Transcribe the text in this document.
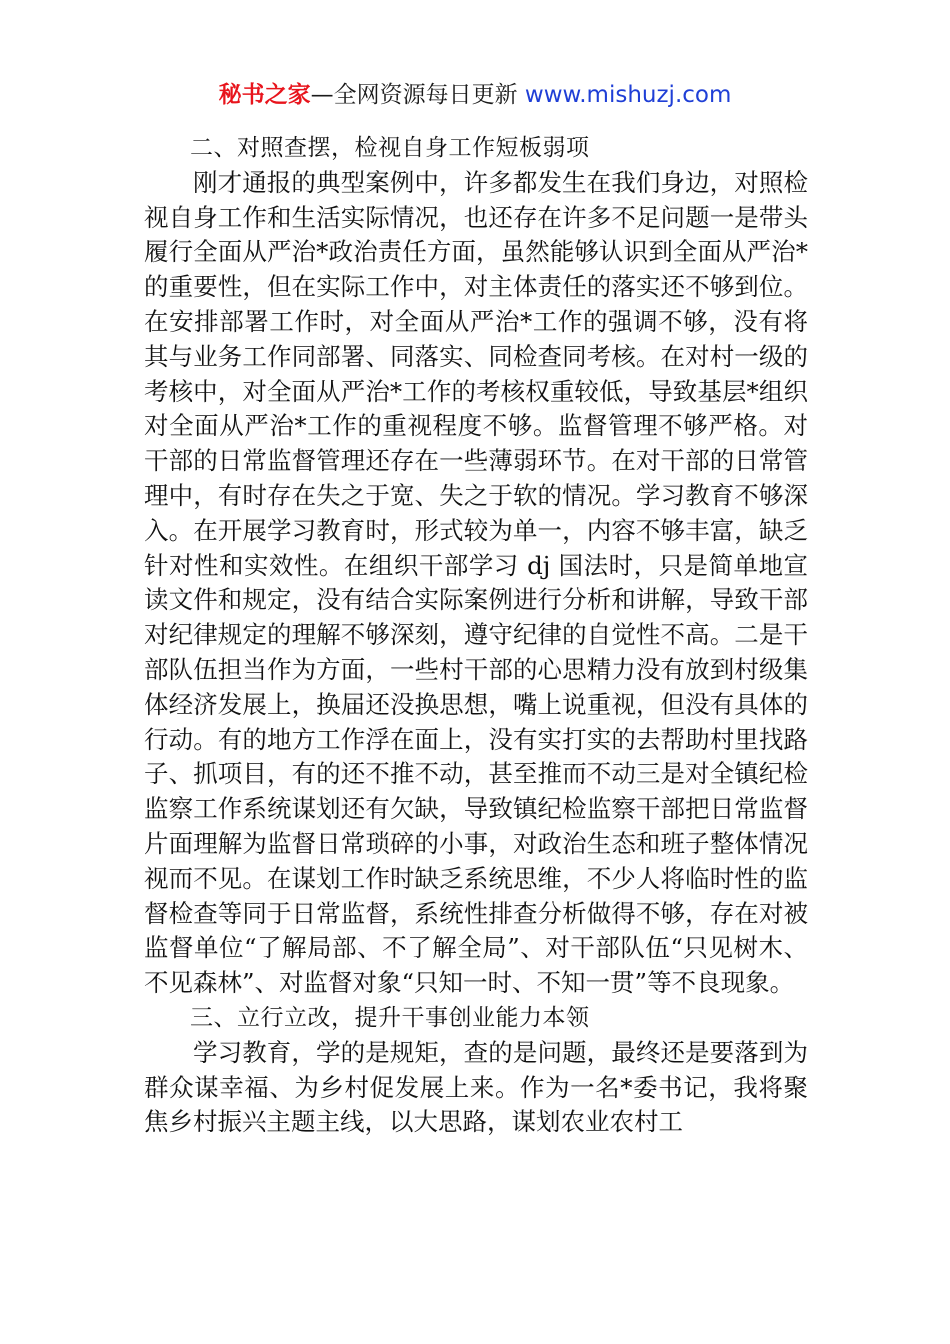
秘书之家—全网资源每日更新 www.mishuzj.com

二、对照查摆，检视自身工作短板弱项

刚才通报的典型案例中，许多都发生在我们身边，对照检视自身工作和生活实际情况，也还存在许多不足问题一是带头履行全面从严治*政治责任方面，虽然能够认识到全面从严治*的重要性，但在实际工作中，对主体责任的落实还不够到位。在安排部署工作时，对全面从严治*工作的强调不够，没有将其与业务工作同部署、同落实、同检查同考核。在对村一级的考核中，对全面从严治*工作的考核权重较低，导致基层*组织对全面从严治*工作的重视程度不够。监督管理不够严格。对干部的日常监督管理还存在一些薄弱环节。在对干部的日常管理中，有时存在失之于宽、失之于软的情况。学习教育不够深入。在开展学习教育时，形式较为单一，内容不够丰富，缺乏针对性和实效性。在组织干部学习 dj 国法时，只是简单地宣读文件和规定，没有结合实际案例进行分析和讲解，导致干部对纪律规定的理解不够深刻，遵守纪律的自觉性不高。二是干部队伍担当作为方面，一些村干部的心思精力没有放到村级集体经济发展上，换届还没换思想，嘴上说重视，但没有具体的行动。有的地方工作浮在面上，没有实打实的去帮助村里找路子、抓项目，有的还不推不动，甚至推而不动三是对全镇纪检监察工作系统谋划还有欠缺，导致镇纪检监察干部把日常监督片面理解为监督日常琐碎的小事，对政治生态和班子整体情况视而不见。在谋划工作时缺乏系统思维，不少人将临时性的监督检查等同于日常监督，系统性排查分析做得不够，存在对被监督单位“了解局部、不了解全局”、对干部队伍“只见树木、不见森林”、对监督对象“只知一时、不知一贯”等不良现象。

三、立行立改，提升干事创业能力本领

学习教育，学的是规矩，查的是问题，最终还是要落到为群众谋幸福、为乡村促发展上来。作为一名*委书记，我将聚焦乡村振兴主题主线，以大思路，谋划农业农村工
